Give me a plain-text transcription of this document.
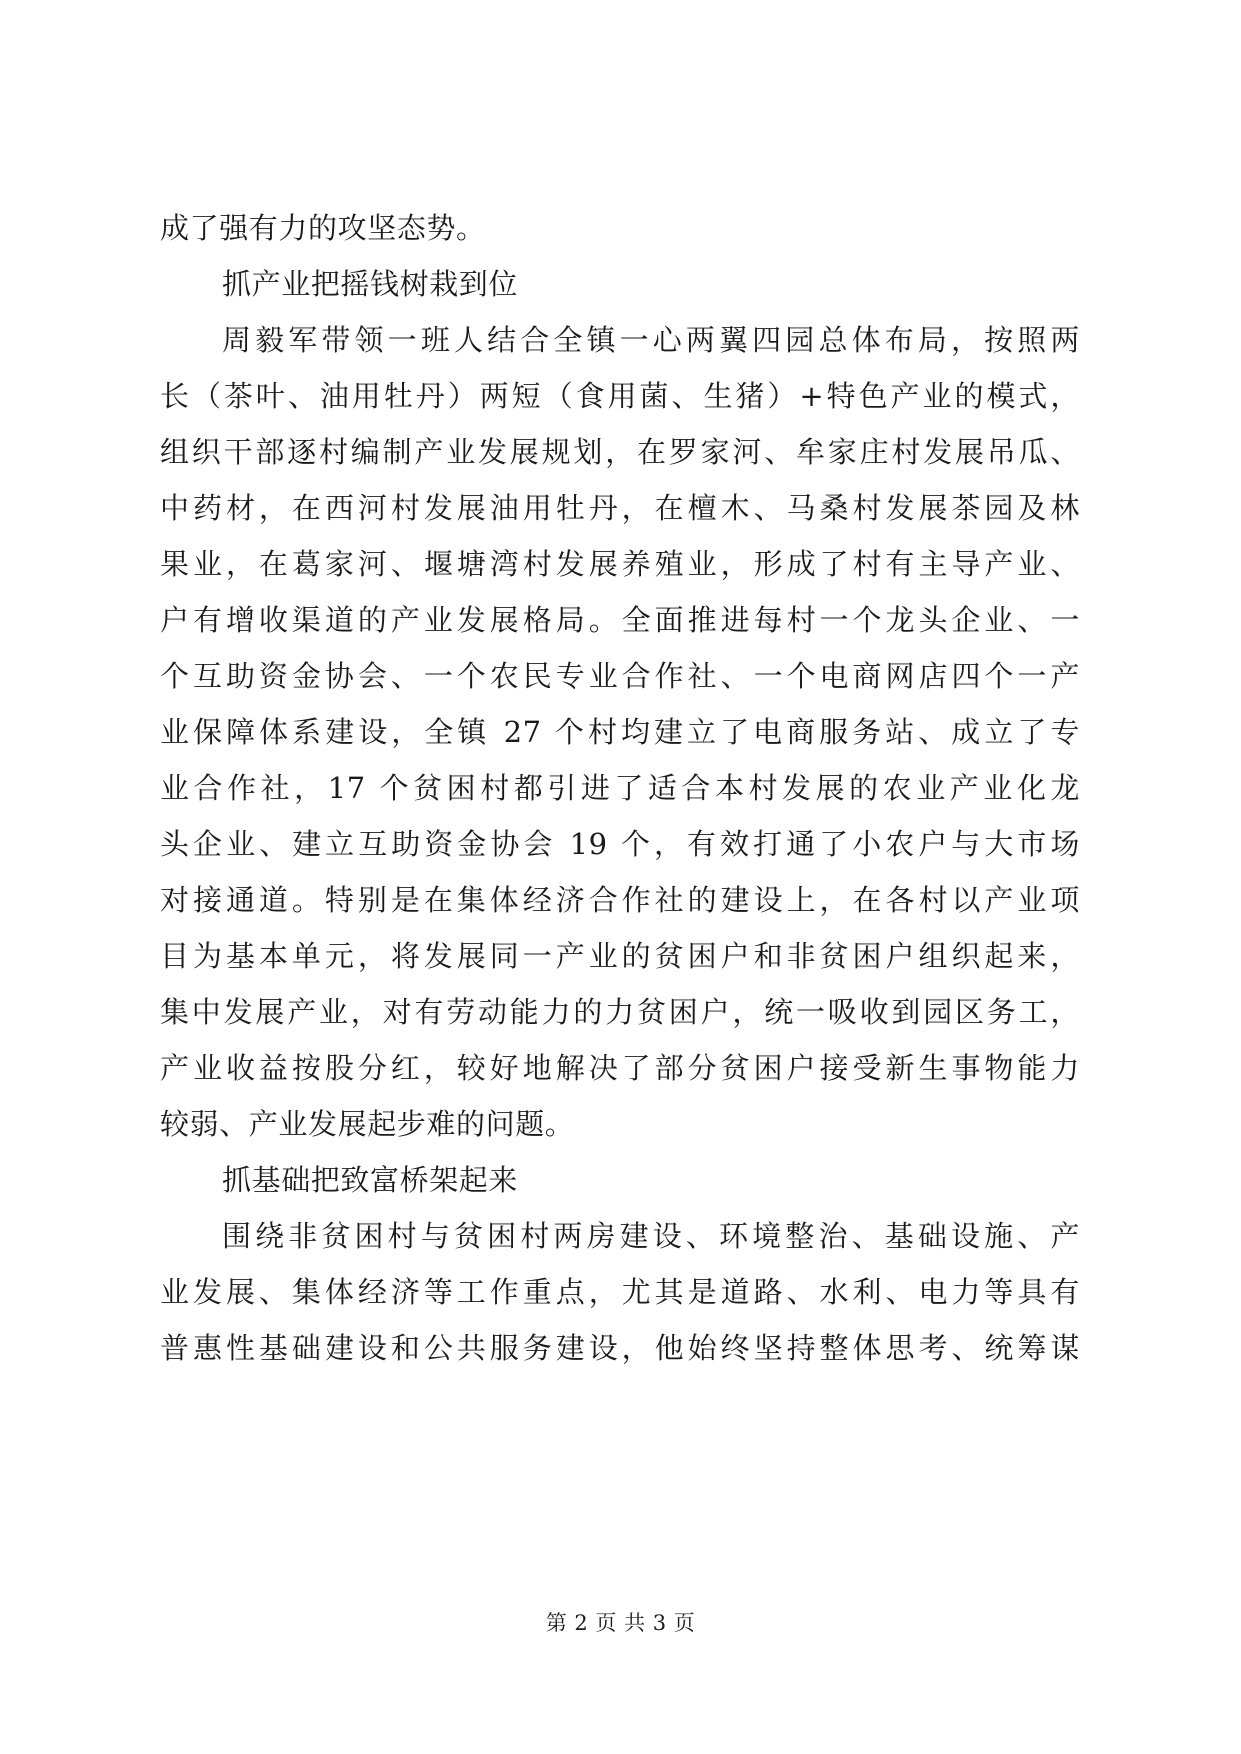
成了强有力的攻坚态势。
抓产业把摇钱树栽到位
周毅军带领一班人结合全镇一心两翼四园总体布局，按照两
长（茶叶、油用牡丹）两短（食用菌、生猪）+特色产业的模式，
组织干部逐村编制产业发展规划，在罗家河、牟家庄村发展吊瓜、
中药材，在西河村发展油用牡丹，在檀木、马桑村发展茶园及林
果业，在葛家河、堰塘湾村发展养殖业，形成了村有主导产业、
户有增收渠道的产业发展格局。全面推进每村一个龙头企业、一
个互助资金协会、一个农民专业合作社、一个电商网店四个一产
业保障体系建设，全镇 27 个村均建立了电商服务站、成立了专
业合作社，17 个贫困村都引进了适合本村发展的农业产业化龙
头企业、建立互助资金协会 19 个，有效打通了小农户与大市场
对接通道。特别是在集体经济合作社的建设上，在各村以产业项
目为基本单元，将发展同一产业的贫困户和非贫困户组织起来，
集中发展产业，对有劳动能力的力贫困户，统一吸收到园区务工，
产业收益按股分红，较好地解决了部分贫困户接受新生事物能力
较弱、产业发展起步难的问题。
抓基础把致富桥架起来
围绕非贫困村与贫困村两房建设、环境整治、基础设施、产
业发展、集体经济等工作重点，尤其是道路、水利、电力等具有
普惠性基础建设和公共服务建设，他始终坚持整体思考、统筹谋
第 2 页 共 3 页
